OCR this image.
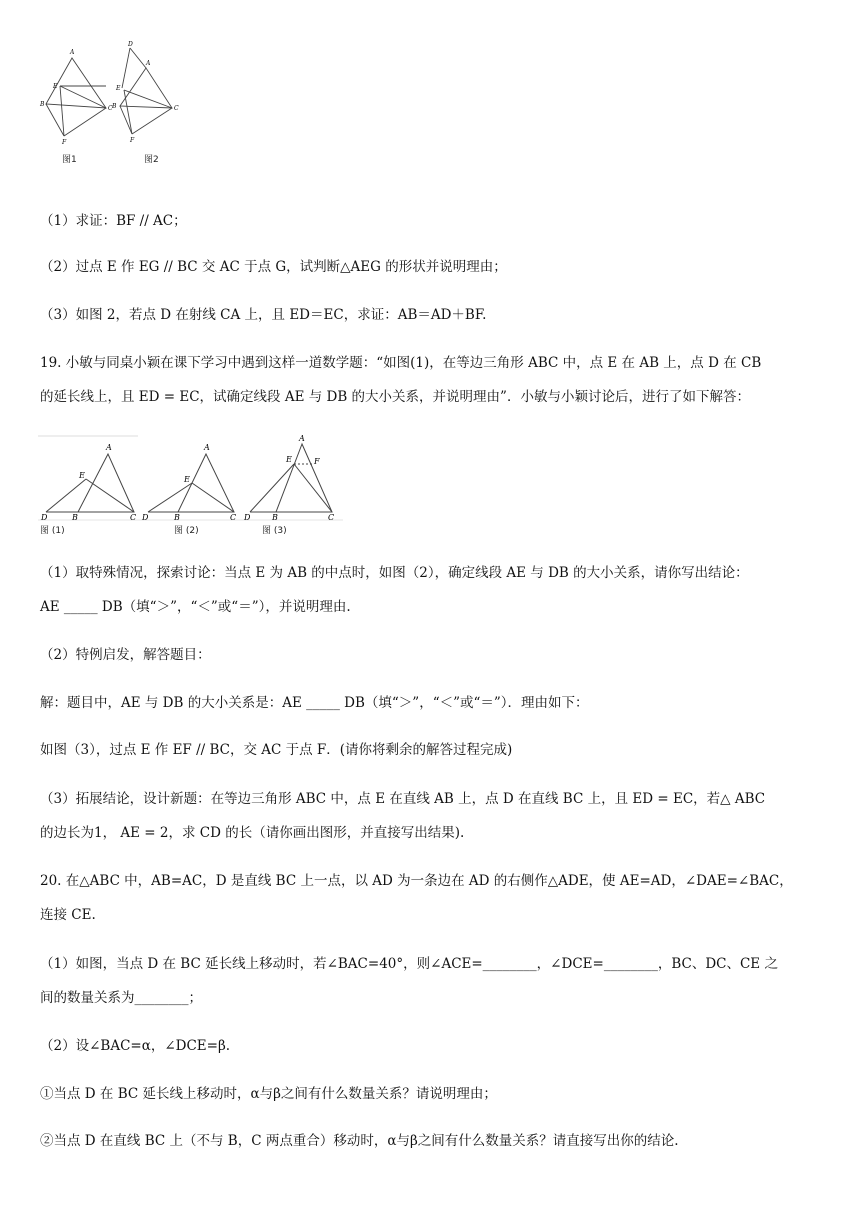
A
E
B
C
F
图1
D
A
E
B	C
F
图2
（1）求证：BF // AC；
（2）过点 E 作 EG // BC 交 AC 于点 G，试判断△AEG 的形状并说明理由；
（3）如图 2，若点 D 在射线 CA 上，且 ED＝EC，求证：AB＝AD＋BF.
19. 小敏与同桌小颖在课下学习中遇到这样一道数学题：“如图(1)，在等边三角形 ABC 中，点 E 在 AB 上，点 D 在 CB
的延长线上，且 ED = EC，试确定线段 AE 与 DB 的大小关系，并说明理由”．小敏与小颖讨论后，进行了如下解答：
A
E
D	B	C
A
E
D	B	C
A
E	F
D	B	C
图 (1)	图 (2)	图 (3)
（1）取特殊情况，探索讨论：当点 E 为 AB 的中点时，如图（2），确定线段 AE 与 DB 的大小关系，请你写出结论：
AE _____ DB（填“＞”，“＜”或“＝”），并说明理由.
（2）特例启发，解答题目：
解：题目中，AE 与 DB 的大小关系是：AE _____ DB（填“＞”，“＜”或“＝”）．理由如下：
如图（3），过点 E 作 EF // BC，交 AC 于点 F．(请你将剩余的解答过程完成)
（3）拓展结论，设计新题：在等边三角形 ABC 中，点 E 在直线 AB 上，点 D 在直线 BC 上，且 ED = EC，若△ ABC
的边长为1， AE = 2，求 CD 的长（请你画出图形，并直接写出结果).
20. 在△ABC 中，AB=AC，D 是直线 BC 上一点，以 AD 为一条边在 AD 的右侧作△ADE，使 AE=AD，∠DAE=∠BAC，
连接 CE.
（1）如图，当点 D 在 BC 延长线上移动时，若∠BAC=40°，则∠ACE=________，∠DCE=________，BC、DC、CE 之
间的数量关系为________；
（2）设∠BAC=α，∠DCE=β.
①当点 D 在 BC 延长线上移动时，α与β之间有什么数量关系？请说明理由；
②当点 D 在直线 BC 上（不与 B，C 两点重合）移动时，α与β之间有什么数量关系？请直接写出你的结论.
